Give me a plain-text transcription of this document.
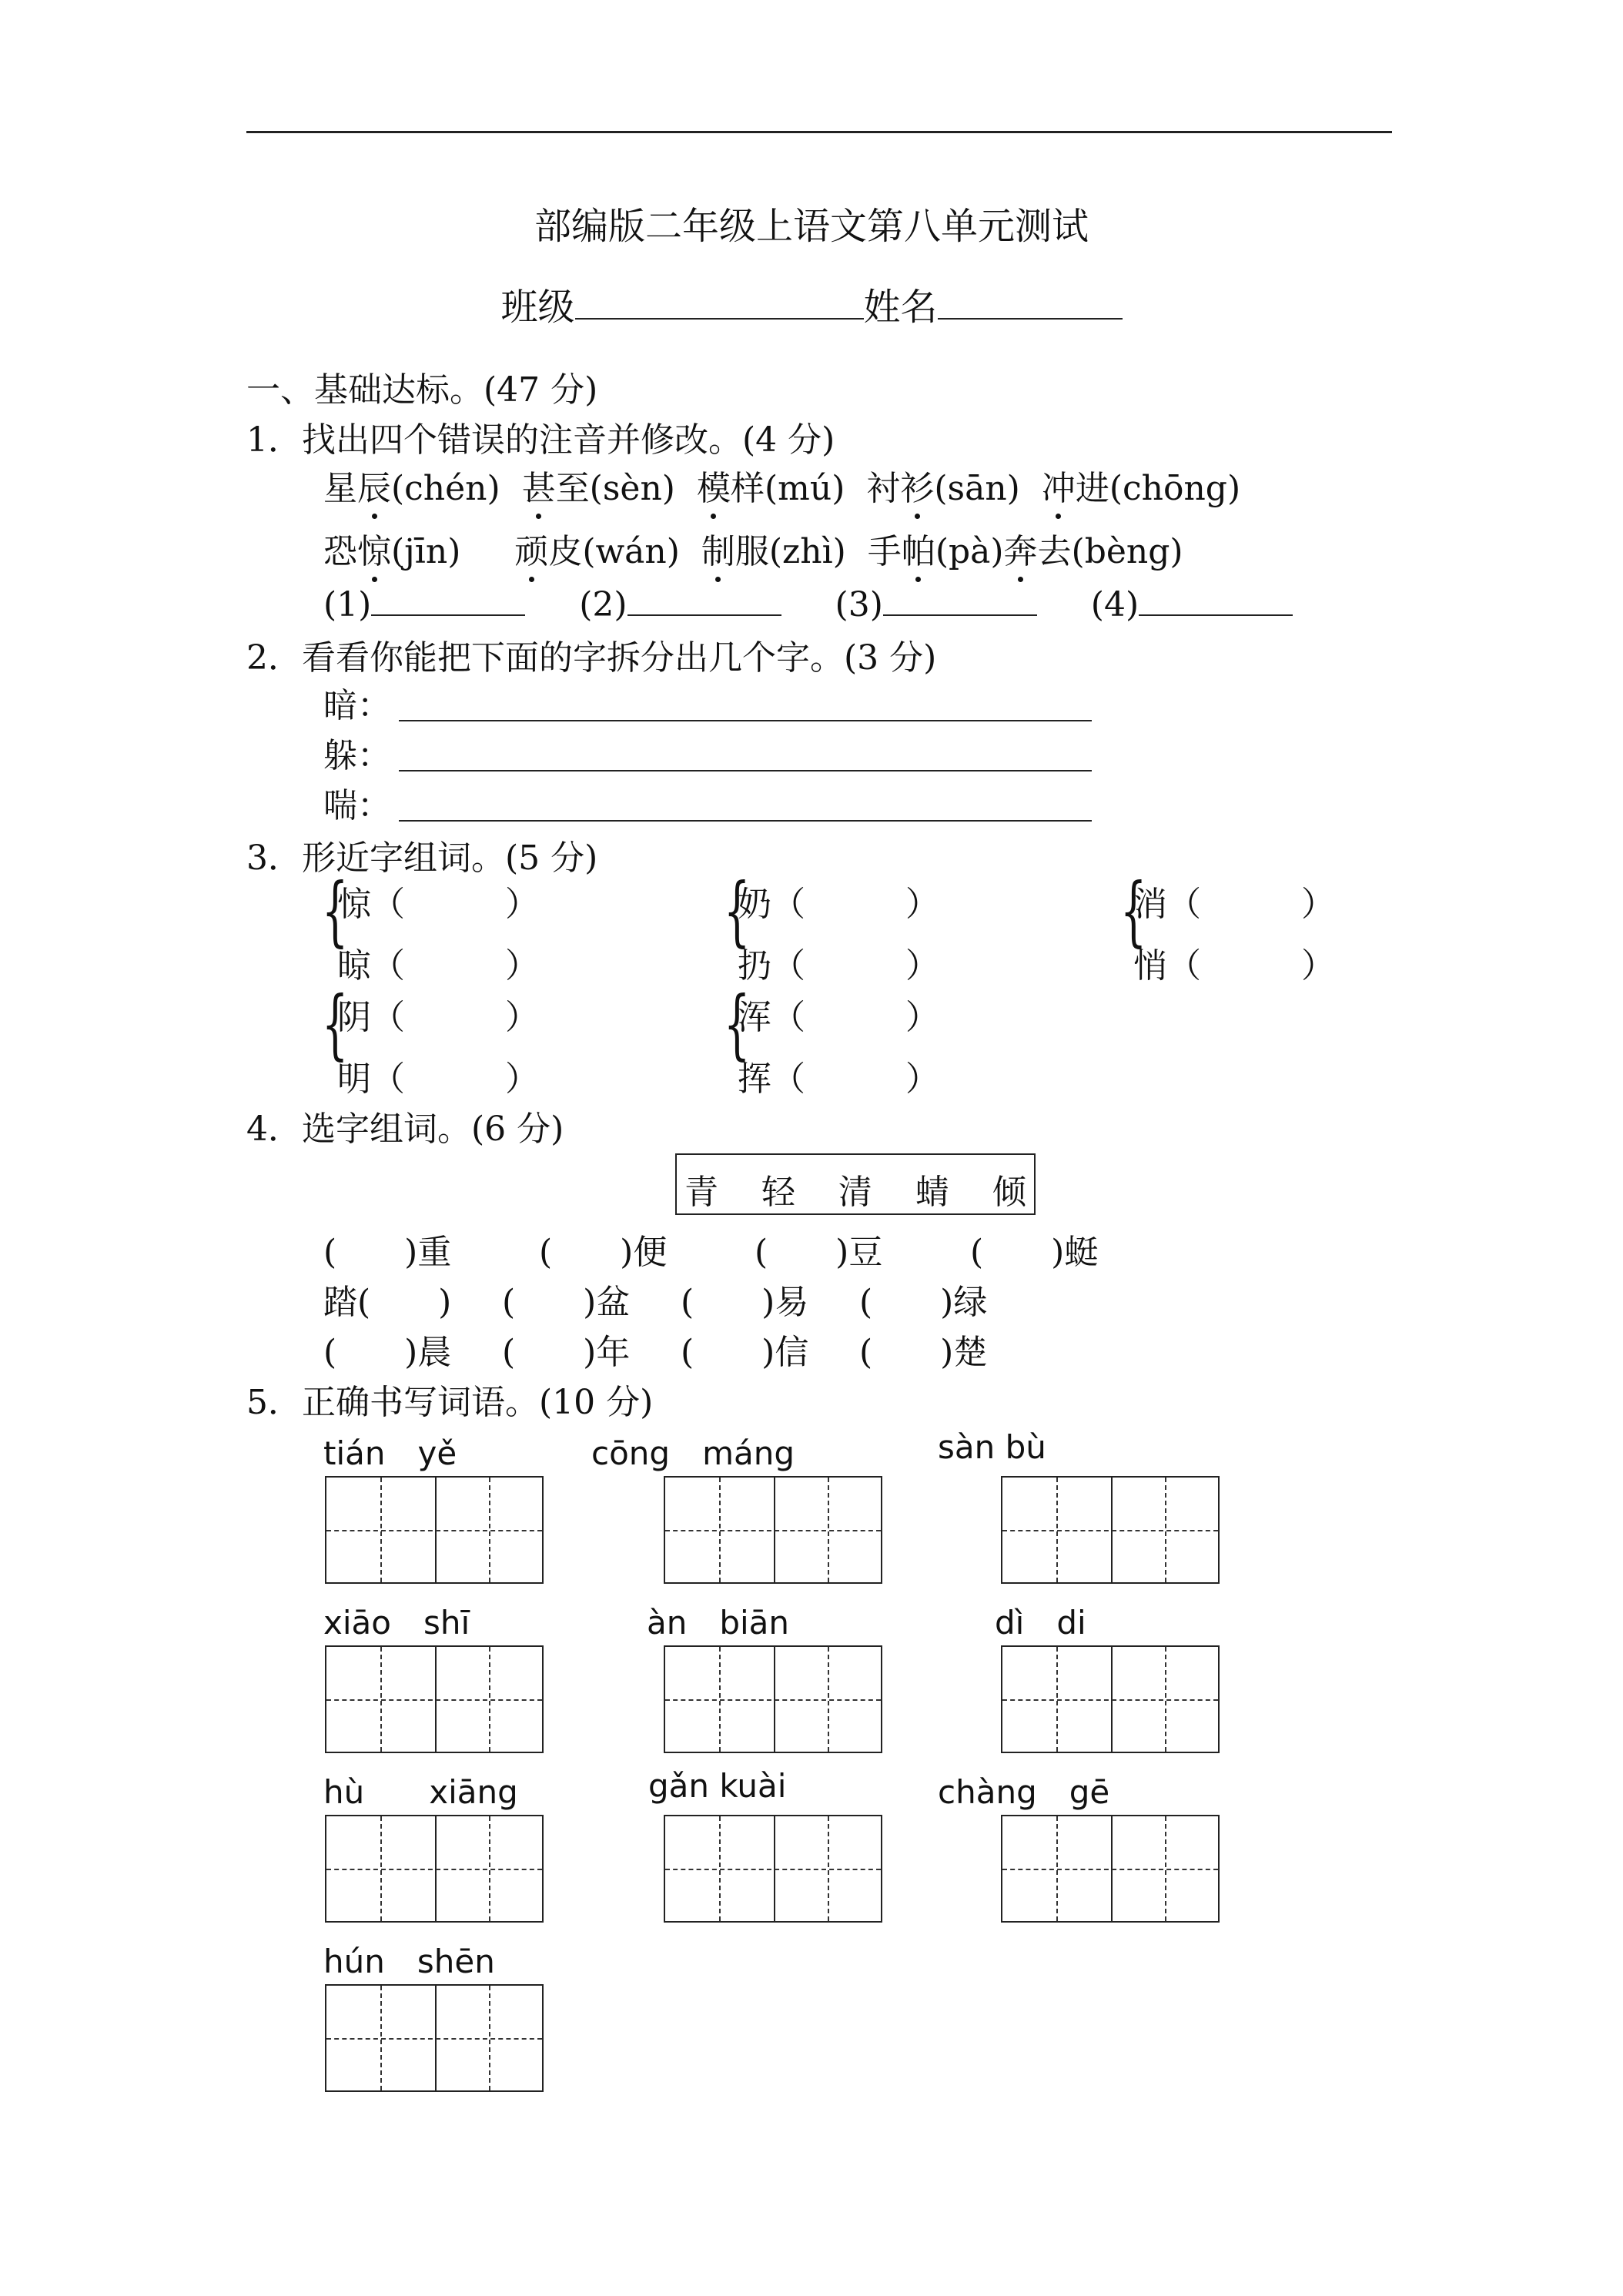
部编版二年级上语文第八单元测试
班级	姓名
一、基础达标。(47 分)
1．找出四个错误的注音并修改。(4 分)
星辰(chén) 甚至(sèn) 模样(mú) 衬衫(sān) 冲进(chōng)
恐惊(jīn) 顽皮(wán) 制服(zhì) 手帕(pà)奔去(bèng)
(1)	(2)	(3)	(4)
2．看看你能把下面的字拆分出几个字。(3 分)
暗：
躲：
喘：
3．形近字组词。(5 分)
{
惊（	）
晾（	）
{
奶（	）
扔（	）
{
消（	）
悄（	）
{
阴（	）
明（	）
{
浑（	）
挥（	）
4．选字组词。(6 分)
青 轻 清 蜻 倾
(　　)重	(　　)便	(　　)豆	(　　)蜓
踏(　　) (　　)盆 (　　)易 (　　)绿
(　　)晨 (　　)年 (　　)信 (　　)楚
5．正确书写词语。(10 分)
tián　yě	cōng　máng	sàn bù
xiāo　shī	àn　biān	dì　di
hù　　xiāng	gǎn kuài	chàng　gē
hún　shēn
